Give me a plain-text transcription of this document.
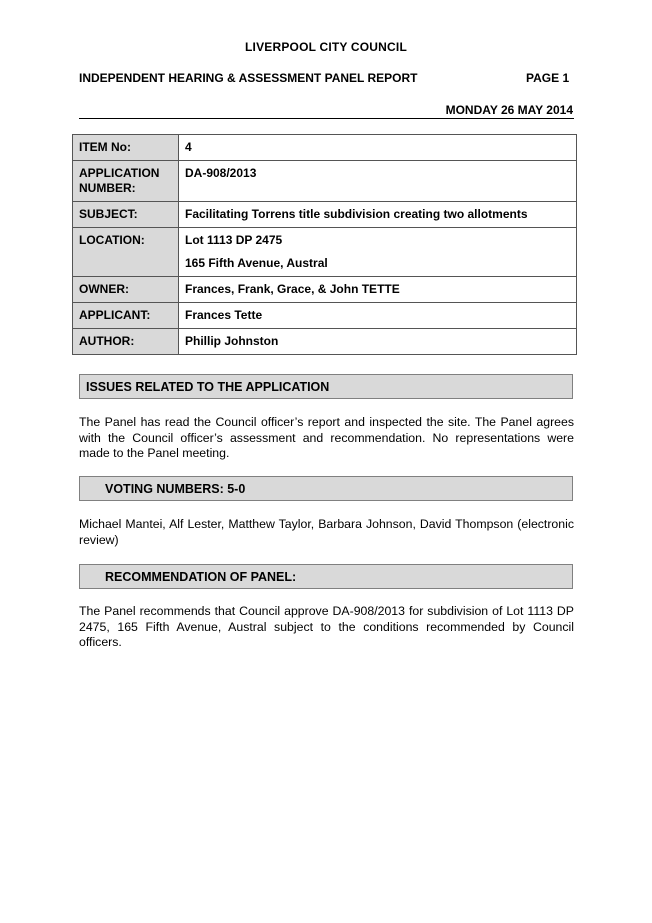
LIVERPOOL CITY COUNCIL
INDEPENDENT HEARING & ASSESSMENT PANEL REPORT	PAGE 1
MONDAY 26 MAY 2014
ITEM No:	4
APPLICATION NUMBER:	DA-908/2013
SUBJECT:	Facilitating Torrens title subdivision creating two allotments
LOCATION:	Lot 1113 DP 2475
165 Fifth Avenue, Austral

OWNER:	Frances, Frank, Grace, & John TETTE
APPLICANT:	Frances Tette
AUTHOR:	Phillip Johnston
ISSUES RELATED TO THE APPLICATION
The Panel has read the Council officer’s report and inspected the site. The Panel agrees with the Council officer’s assessment and recommendation. No representations were made to the Panel meeting.
VOTING NUMBERS: 5-0
Michael Mantei, Alf Lester, Matthew Taylor, Barbara Johnson, David Thompson (electronic review)
RECOMMENDATION OF PANEL:
The Panel recommends that Council approve DA-908/2013 for subdivision of Lot 1113 DP 2475, 165 Fifth Avenue, Austral subject to the conditions recommended by Council officers.
